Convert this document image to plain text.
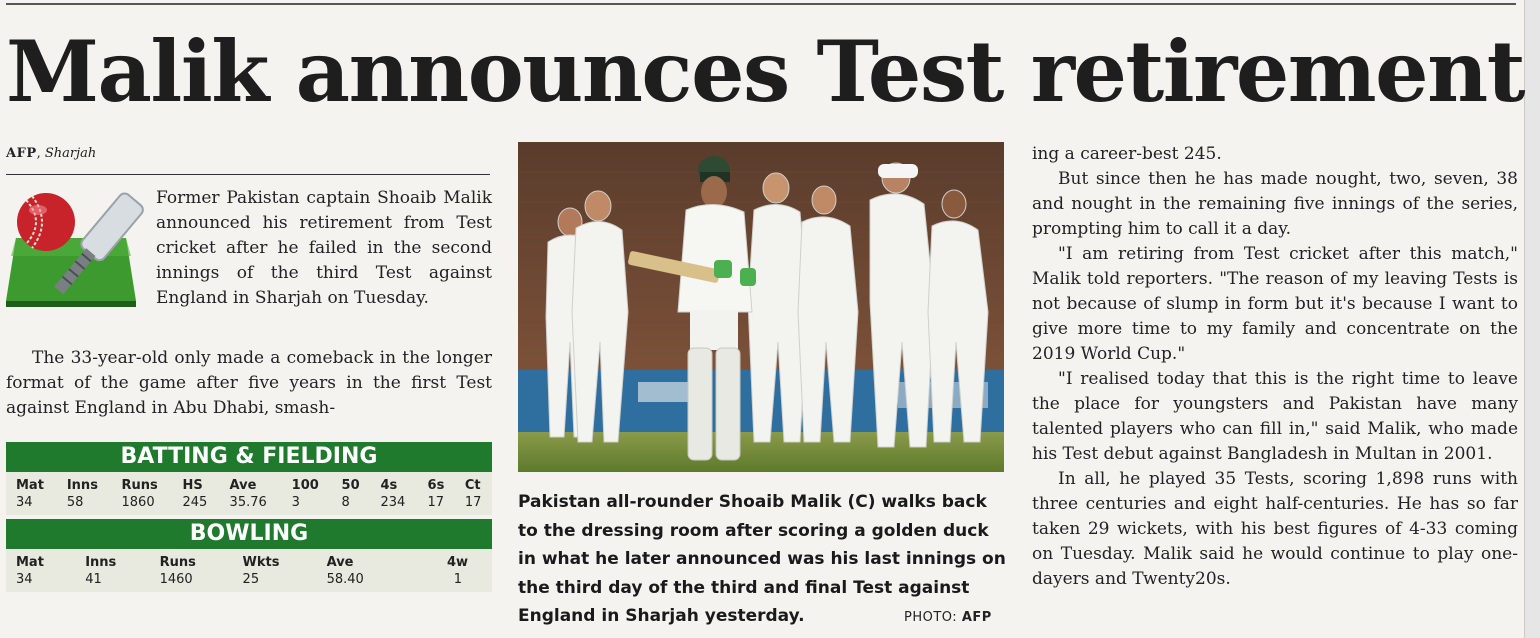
Malik announces Test retirement
AFP, Sharjah

Former Pakistan captain Shoaib Malik announced his retirement from Test cricket after he failed in the second innings of the third Test against England in Sharjah on Tuesday.

The 33-year-old only made a comeback in the longer format of the game after five years in the first Test against England in Abu Dhabi, smash-

BATTING & FIELDING
Mat	Inns	Runs	HS	Ave	100	50	4s	6s	Ct
34	58	1860	245	35.76	3	8	234	17	17
BOWLING
Mat	Inns	Runs	Wkts	Ave	4w
34	41	1460	25	58.40	1

Pakistan all-rounder Shoaib Malik (C) walks back to the dressing room after scoring a golden duck in what he later announced was his last innings on the third day of the third and final Test against England in Sharjah yesterday.	PHOTO: AFP

ing a career-best 245.

But since then he has made nought, two, seven, 38 and nought in the remaining five innings of the series, prompting him to call it a day.

"I am retiring from Test cricket after this match," Malik told reporters. "The reason of my leaving Tests is not because of slump in form but it's because I want to give more time to my family and concentrate on the 2019 World Cup."

"I realised today that this is the right time to leave the place for youngsters and Pakistan have many talented players who can fill in," said Malik, who made his Test debut against Bangladesh in Multan in 2001.

In all, he played 35 Tests, scoring 1,898 runs with three centuries and eight half-centuries. He has so far taken 29 wickets, with his best figures of 4-33 coming on Tuesday. Malik said he would continue to play one-dayers and Twenty20s.
